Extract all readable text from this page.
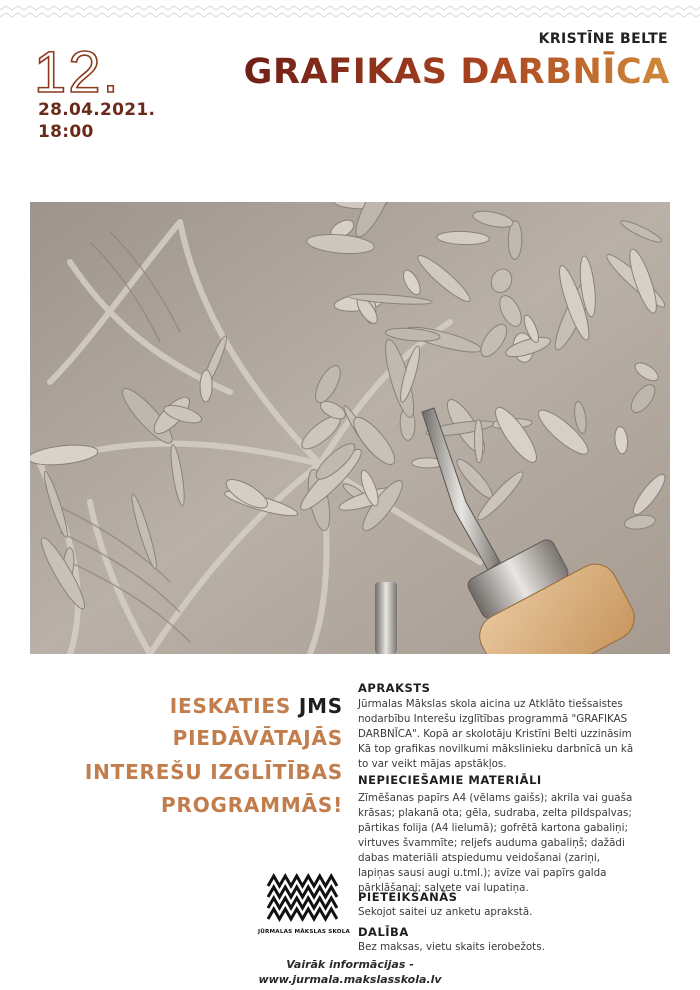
12.
28.04.2021.
18:00
KRISTĪNE BELTE
GRAFIKAS DARBNĪCA
IESKATIES JMS
PIEDĀVĀTAJĀS
INTEREŠU IZGLĪTĪBAS
PROGRAMMĀS!
APRAKSTS
Jūrmalas Mākslas skola aicina uz Atklāto tiešsaistes
nodarbību Interešu izglītības programmā "GRAFIKAS
DARBNĪCA". Kopā ar skolotāju Kristīni Belti uzzināsim
Kā top grafikas novilkumi mākslinieku darbnīcā un kā
to var veikt mājas apstākļos.
NEPIECIEŠAMIE MATERIĀLI
Zīmēšanas papīrs A4 (vēlams gaišs); akrila vai guaša
krāsas; plakanā ota; gēla, sudraba, zelta pildspalvas;
pārtikas folija (A4 lielumā); gofrētā kartona gabaliņi;
virtuves švammīte; reljefs auduma gabaliņš; dažādi
dabas materiāli atspiedumu veidošanai (zariņi,
lapiņas sausi augi u.tml.); avīze vai papīrs galda
pārklāšanai; salvete vai lupatiņa.
PIETEIKŠANĀS
Sekojot saitei uz anketu aprakstā.
DALĪBA
Bez maksas, vietu skaits ierobežots.
JŪRMALAS MĀKSLAS SKOLA
Vairāk informācijas -
www.jurmala.makslasskola.lv
